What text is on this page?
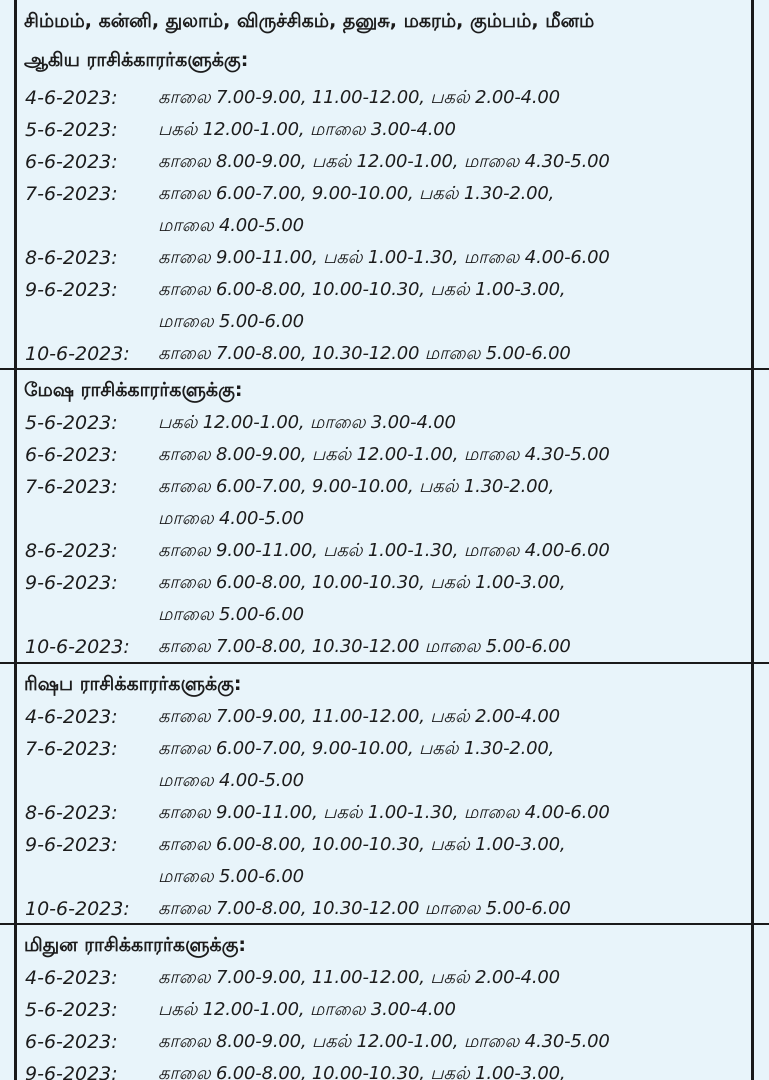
சிம்மம், கன்னி, துலாம், விருச்சிகம், தனுசு, மகரம், கும்பம், மீனம்
ஆகிய ராசிக்காரர்களுக்கு:
4-6-2023: காலை 7.00-9.00, 11.00-12.00, பகல் 2.00-4.00
5-6-2023: பகல் 12.00-1.00, மாலை 3.00-4.00
6-6-2023: காலை 8.00-9.00, பகல் 12.00-1.00, மாலை 4.30-5.00
7-6-2023: காலை 6.00-7.00, 9.00-10.00, பகல் 1.30-2.00,
மாலை 4.00-5.00
8-6-2023: காலை 9.00-11.00, பகல் 1.00-1.30, மாலை 4.00-6.00
9-6-2023: காலை 6.00-8.00, 10.00-10.30, பகல் 1.00-3.00,
மாலை 5.00-6.00
10-6-2023: காலை 7.00-8.00, 10.30-12.00 மாலை 5.00-6.00
மேஷ ராசிக்காரர்களுக்கு:
5-6-2023: பகல் 12.00-1.00, மாலை 3.00-4.00
6-6-2023: காலை 8.00-9.00, பகல் 12.00-1.00, மாலை 4.30-5.00
7-6-2023: காலை 6.00-7.00, 9.00-10.00, பகல் 1.30-2.00,
மாலை 4.00-5.00
8-6-2023: காலை 9.00-11.00, பகல் 1.00-1.30, மாலை 4.00-6.00
9-6-2023: காலை 6.00-8.00, 10.00-10.30, பகல் 1.00-3.00,
மாலை 5.00-6.00
10-6-2023: காலை 7.00-8.00, 10.30-12.00 மாலை 5.00-6.00
ரிஷப ராசிக்காரர்களுக்கு:
4-6-2023: காலை 7.00-9.00, 11.00-12.00, பகல் 2.00-4.00
7-6-2023: காலை 6.00-7.00, 9.00-10.00, பகல் 1.30-2.00,
மாலை 4.00-5.00
8-6-2023: காலை 9.00-11.00, பகல் 1.00-1.30, மாலை 4.00-6.00
9-6-2023: காலை 6.00-8.00, 10.00-10.30, பகல் 1.00-3.00,
மாலை 5.00-6.00
10-6-2023: காலை 7.00-8.00, 10.30-12.00 மாலை 5.00-6.00
மிதுன ராசிக்காரர்களுக்கு:
4-6-2023: காலை 7.00-9.00, 11.00-12.00, பகல் 2.00-4.00
5-6-2023: பகல் 12.00-1.00, மாலை 3.00-4.00
6-6-2023: காலை 8.00-9.00, பகல் 12.00-1.00, மாலை 4.30-5.00
9-6-2023: காலை 6.00-8.00, 10.00-10.30, பகல் 1.00-3.00,
